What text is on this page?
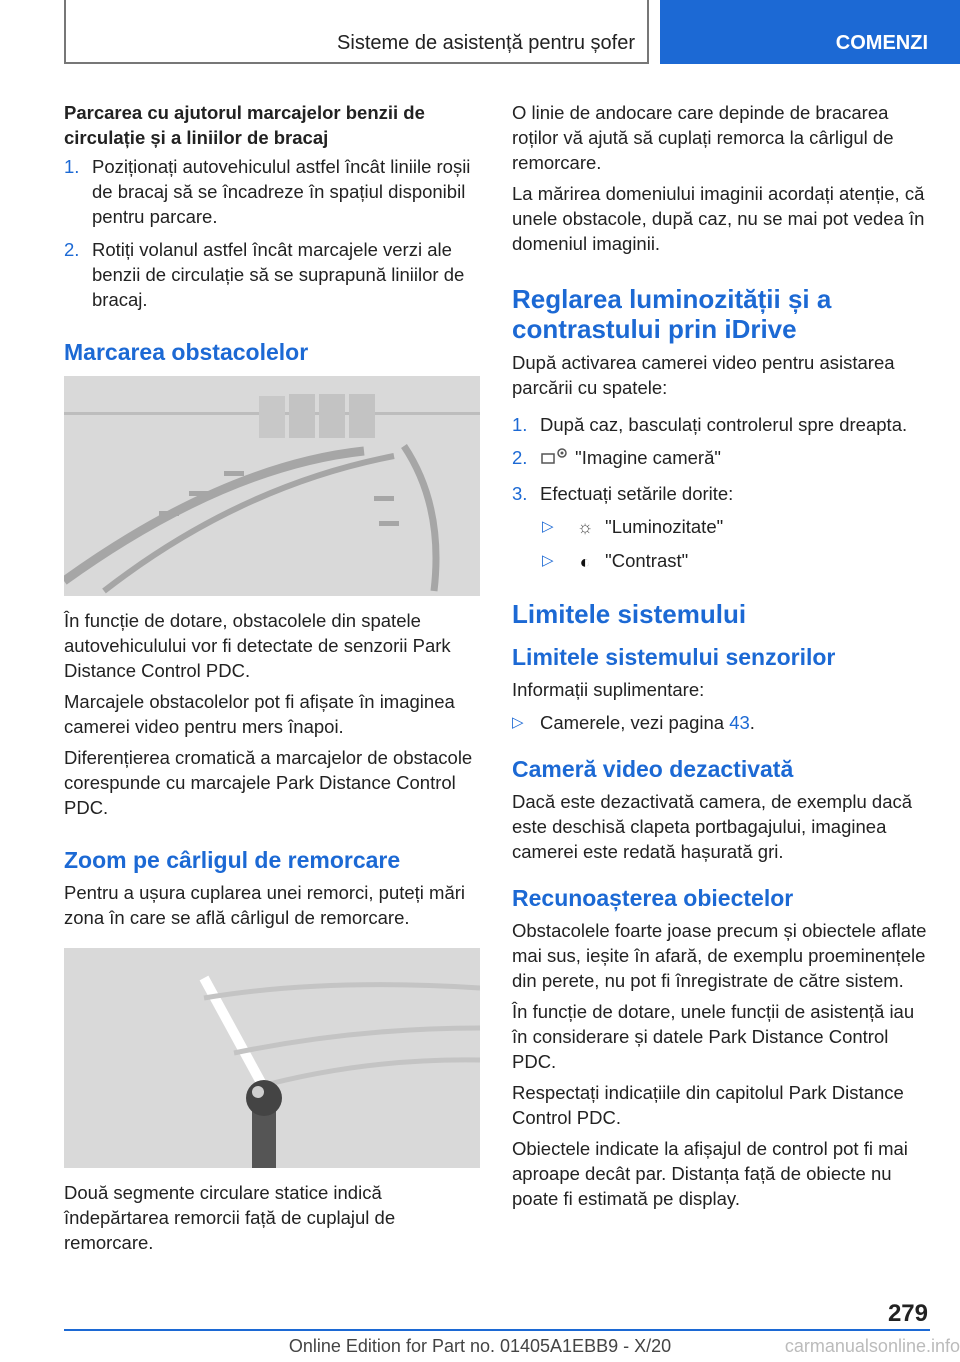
Sisteme de asistență pentru șofer	COMENZI
Parcarea cu ajutorul marcajelor benzii de circulație și a liniilor de bracaj
1. Poziționați autovehiculul astfel încât liniile roșii de bracaj să se încadreze în spațiul disponibil pentru parcare.
2. Rotiți volanul astfel încât marcajele verzi ale benzii de circulație să se suprapună liniilor de bracaj.
Marcarea obstacolelor

În funcție de dotare, obstacolele din spatele autovehiculului vor fi detectate de senzorii Park Distance Control PDC.

Marcajele obstacolelor pot fi afișate în imaginea camerei video pentru mers înapoi.

Diferențierea cromatică a marcajelor de obstacole corespunde cu marcajele Park Distance Control PDC.

Zoom pe cârligul de remorcare

Pentru a ușura cuplarea unei remorci, puteți mări zona în care se află cârligul de remorcare.

Două segmente circulare statice indică îndepărtarea remorcii față de cuplajul de remorcare.

O linie de andocare care depinde de bracarea roților vă ajută să cuplați remorca la cârligul de remorcare.

La mărirea domeniului imaginii acordați atenție, că unele obstacole, după caz, nu se mai pot vedea în domeniul imaginii.

Reglarea luminozității și a contrastului prin iDrive

După activarea camerei video pentru asistarea parcării cu spatele:

1. După caz, basculați controlerul spre dreapta.
2.	"Imagine cameră"
3. Efectuați setările dorite:
▷ ☼ "Luminozitate"
▷ ◐ "Contrast"
Limitele sistemului
Limitele sistemului senzorilor

Informații suplimentare:

▷ Camerele, vezi pagina 43.
Cameră video dezactivată

Dacă este dezactivată camera, de exemplu dacă este deschisă clapeta portbagajului, imaginea camerei este redată hașurată gri.

Recunoașterea obiectelor

Obstacolele foarte joase precum și obiectele aflate mai sus, ieșite în afară, de exemplu proeminențele din perete, nu pot fi înregistrate de către sistem.

În funcție de dotare, unele funcții de asistență iau în considerare și datele Park Distance Control PDC.

Respectați indicațiile din capitolul Park Distance Control PDC.

Obiectele indicate la afișajul de control pot fi mai aproape decât par. Distanța față de obiecte nu poate fi estimată pe display.

279
Online Edition for Part no. 01405A1EBB9 - X/20	carmanualsonline.info
